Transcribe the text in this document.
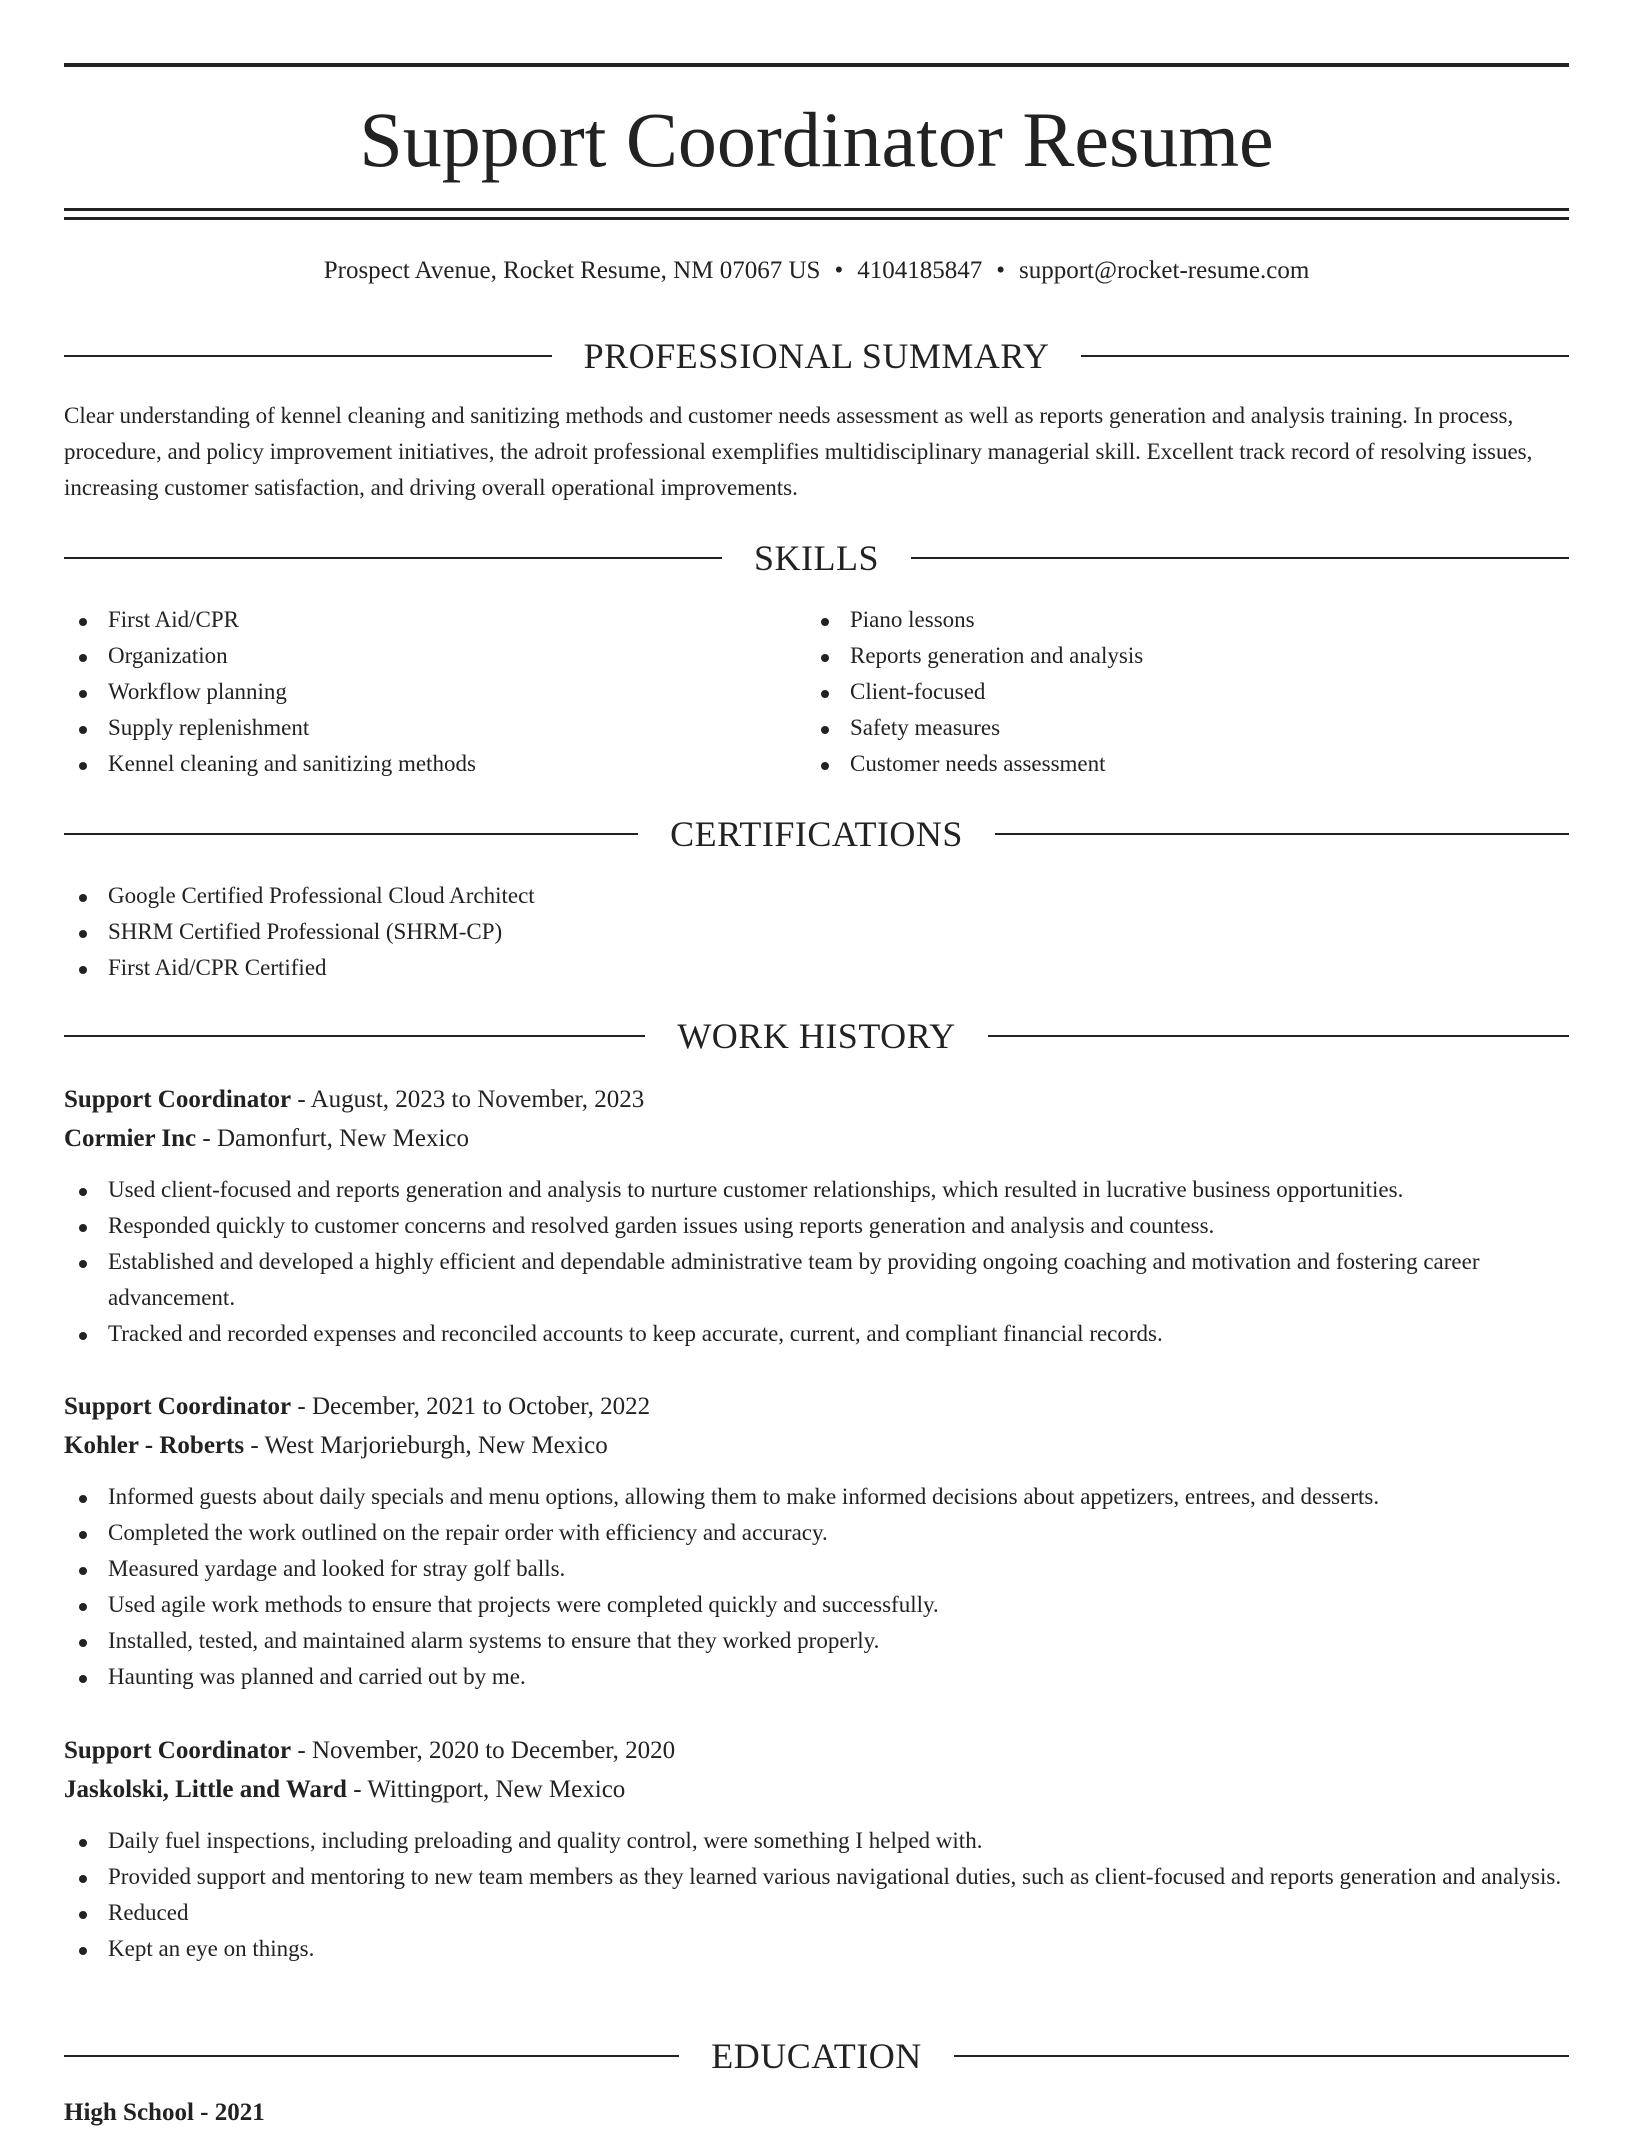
Support Coordinator Resume
Prospect Avenue, Rocket Resume, NM 07067 US • 4104185847 • support@rocket-resume.com
PROFESSIONAL SUMMARY

Clear understanding of kennel cleaning and sanitizing methods and customer needs assessment as well as reports generation and analysis training. In process, procedure, and policy improvement initiatives, the adroit professional exemplifies multidisciplinary managerial skill. Excellent track record of resolving issues, increasing customer satisfaction, and driving overall operational improvements.

SKILLS
First Aid/CPR
Organization
Workflow planning
Supply replenishment
Kennel cleaning and sanitizing methods
Piano lessons
Reports generation and analysis
Client-focused
Safety measures
Customer needs assessment
CERTIFICATIONS
Google Certified Professional Cloud Architect
SHRM Certified Professional (SHRM-CP)
First Aid/CPR Certified
WORK HISTORY
Support Coordinator - August, 2023 to November, 2023
Cormier Inc - Damonfurt, New Mexico
Used client-focused and reports generation and analysis to nurture customer relationships, which resulted in lucrative business opportunities.
Responded quickly to customer concerns and resolved garden issues using reports generation and analysis and countess.
Established and developed a highly efficient and dependable administrative team by providing ongoing coaching and motivation and fostering career advancement.
Tracked and recorded expenses and reconciled accounts to keep accurate, current, and compliant financial records.
Support Coordinator - December, 2021 to October, 2022
Kohler - Roberts - West Marjorieburgh, New Mexico
Informed guests about daily specials and menu options, allowing them to make informed decisions about appetizers, entrees, and desserts.
Completed the work outlined on the repair order with efficiency and accuracy.
Measured yardage and looked for stray golf balls.
Used agile work methods to ensure that projects were completed quickly and successfully.
Installed, tested, and maintained alarm systems to ensure that they worked properly.
Haunting was planned and carried out by me.
Support Coordinator - November, 2020 to December, 2020
Jaskolski, Little and Ward - Wittingport, New Mexico
Daily fuel inspections, including preloading and quality control, were something I helped with.
Provided support and mentoring to new team members as they learned various navigational duties, such as client-focused and reports generation and analysis.
Reduced
Kept an eye on things.
EDUCATION
High School - 2021
